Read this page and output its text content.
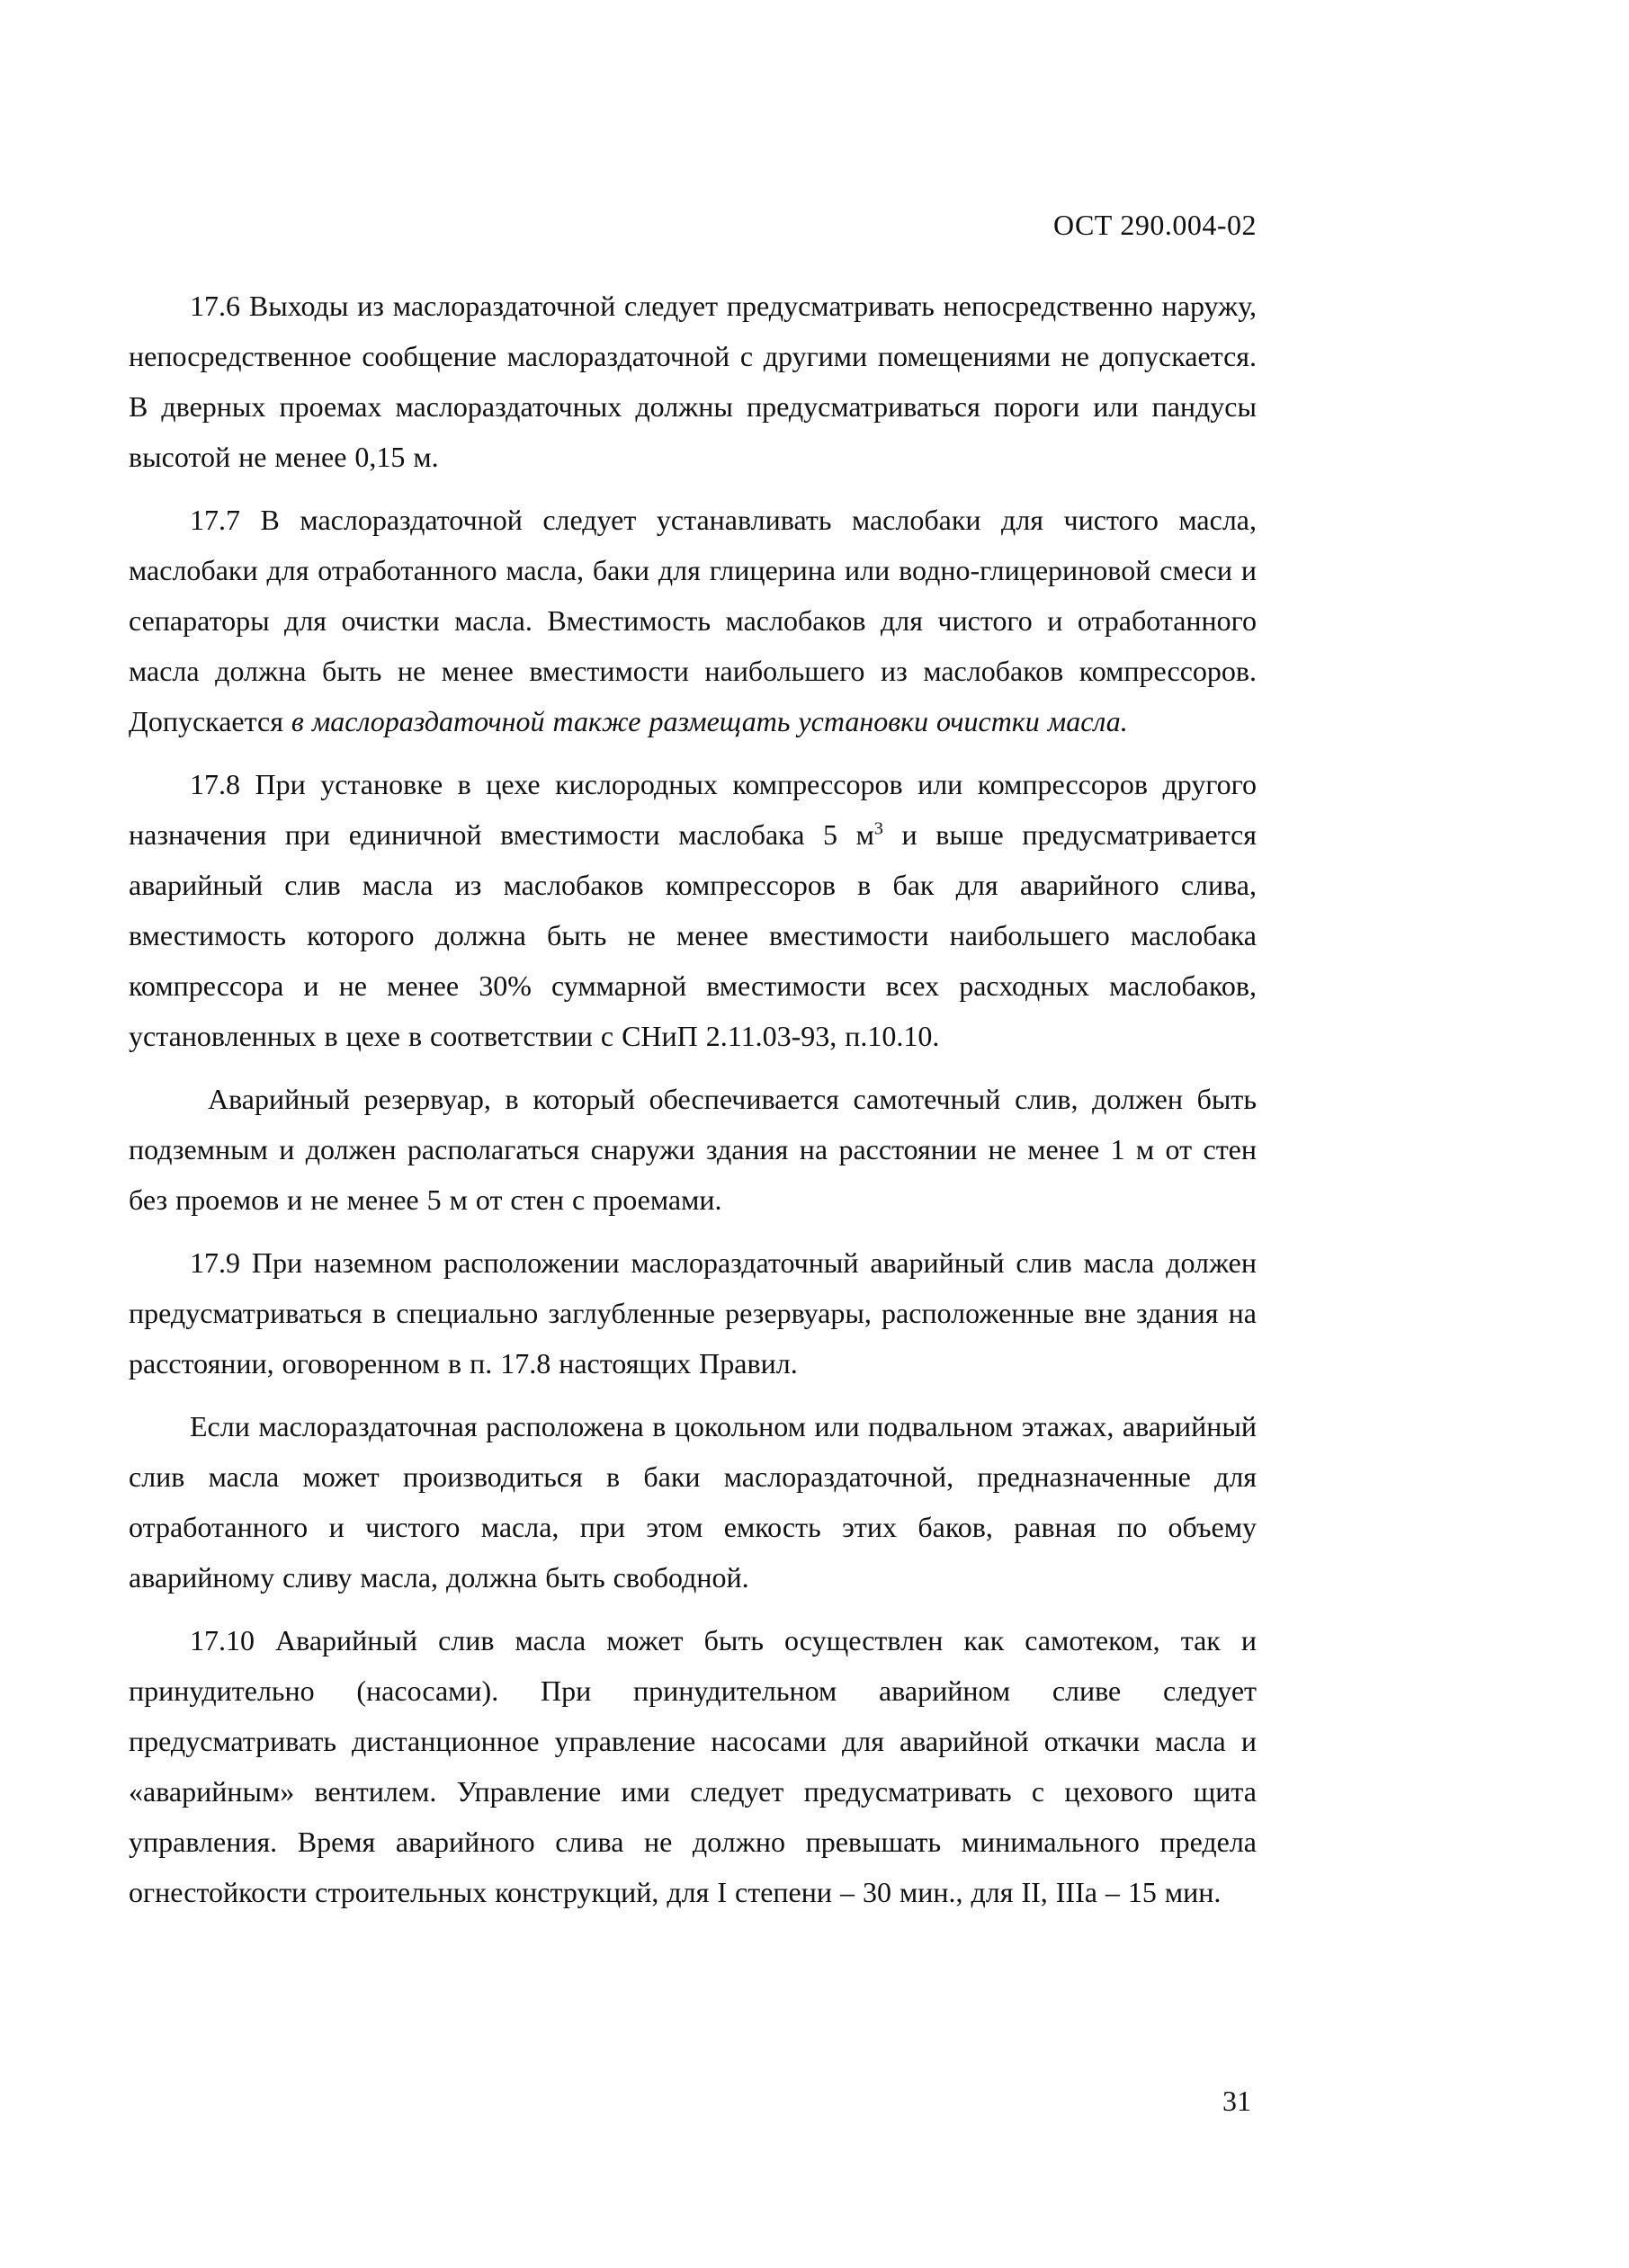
ОСТ 290.004-02

17.6 Выходы из маслораздаточной следует предусматривать непосредственно наружу, непосредственное сообщение маслораздаточной с другими помещениями не допускается. В дверных проемах маслораздаточных должны предусматриваться пороги или пандусы высотой не менее 0,15 м.

17.7 В маслораздаточной следует устанавливать маслобаки для чистого масла, маслобаки для отработанного масла, баки для глицерина или водно-глицериновой смеси и сепараторы для очистки масла. Вместимость маслобаков для чистого и отработанного масла должна быть не менее вместимости наибольшего из маслобаков компрессоров. Допускается в маслораздаточной также размещать установки очистки масла.

17.8 При установке в цехе кислородных компрессоров или компрессоров другого назначения при единичной вместимости маслобака 5 $м^3$ и выше предусматривается аварийный слив масла из маслобаков компрессоров в бак для аварийного слива, вместимость которого должна быть не менее вместимости наибольшего маслобака компрессора и не менее 30% суммарной вместимости всех расходных маслобаков, установленных в цехе в соответствии с СНиП 2.11.03-93, п.10.10.

Аварийный резервуар, в который обеспечивается самотечный слив, должен быть подземным и должен располагаться снаружи здания на расстоянии не менее 1 м от стен без проемов и не менее 5 м от стен с проемами.

17.9 При наземном расположении маслораздаточный аварийный слив масла должен предусматриваться в специально заглубленные резервуары, расположенные вне здания на расстоянии, оговоренном в п. 17.8 настоящих Правил.

Если маслораздаточная расположена в цокольном или подвальном этажах, аварийный слив масла может производиться в баки маслораздаточной, предназначенные для отработанного и чистого масла, при этом емкость этих баков, равная по объему аварийному сливу масла, должна быть свободной.

17.10 Аварийный слив масла может быть осуществлен как самотеком, так и принудительно (насосами). При принудительном аварийном сливе следует предусматривать дистанционное управление насосами для аварийной откачки масла и «аварийным» вентилем. Управление ими следует предусматривать с цехового щита управления. Время аварийного слива не должно превышать минимального предела огнестойкости строительных конструкций, для I степени – 30 мин., для II, IIIa – 15 мин.

31
